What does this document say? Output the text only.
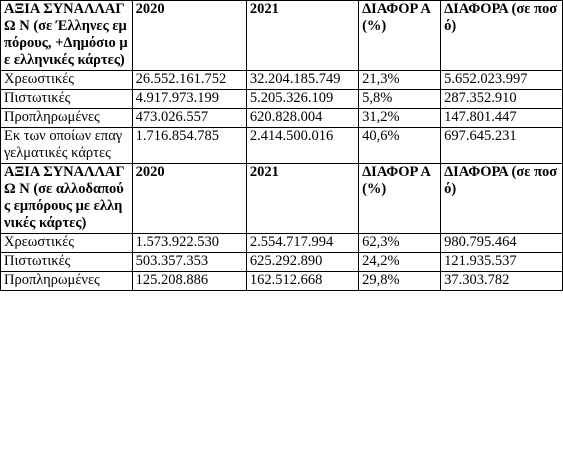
ΑΞΙΑ ΣΥΝΑΛΛΑΓΩ Ν (σε Έλληνες εμπόρους, +Δημόσιο με ελληνικές κάρτες)	2020	2021	ΔΙΑΦΟΡ Α (%)	ΔΙΑΦΟΡΑ (σε ποσό)
Χρεωστικές	26.552.161.752	32.204.185.749	21,3%	5.652.023.997
Πιστωτικές	4.917.973.199	5.205.326.109	5,8%	287.352.910
Προπληρωμένες	473.026.557	620.828.004	31,2%	147.801.447
Εκ των οποίων επαγγελματικές κάρτες	1.716.854.785	2.414.500.016	40,6%	697.645.231
ΑΞΙΑ ΣΥΝΑΛΛΑΓΩ Ν (σε αλλοδαπούς εμπόρους με ελληνικές κάρτες)	2020	2021	ΔΙΑΦΟΡ Α (%)	ΔΙΑΦΟΡΑ (σε ποσό)
Χρεωστικές	1.573.922.530	2.554.717.994	62,3%	980.795.464
Πιστωτικές	503.357.353	625.292.890	24,2%	121.935.537
Προπληρωμένες	125.208.886	162.512.668	29,8%	37.303.782
